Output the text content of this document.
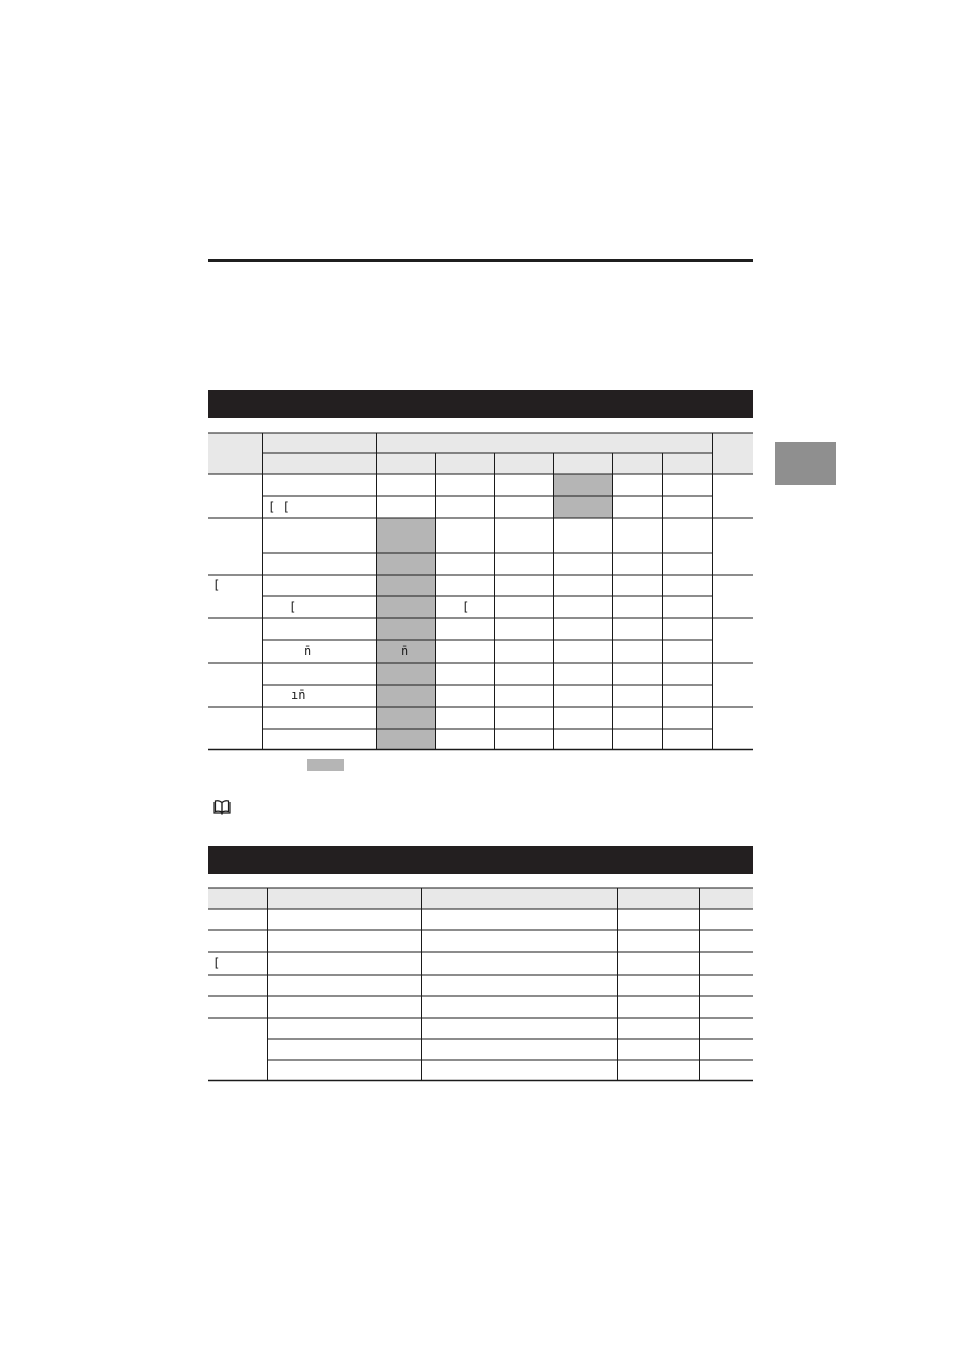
[ [
[
[	[
n̄	n̄
ın̄
[
